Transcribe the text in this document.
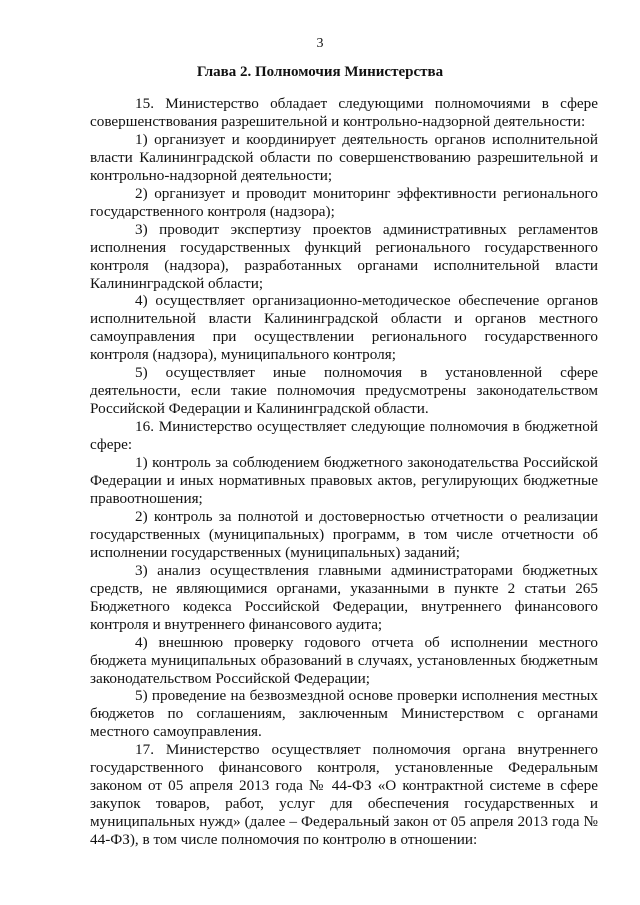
3
Глава 2. Полномочия Министерства

15. Министерство обладает следующими полномочиями в сфере совершенствования разрешительной и контрольно-надзорной деятельности:

1) организует и координирует деятельность органов исполнительной власти Калининградской области по совершенствованию разрешительной и контрольно-надзорной деятельности;

2) организует и проводит мониторинг эффективности регионального государственного контроля (надзора);

3) проводит экспертизу проектов административных регламентов исполнения государственных функций регионального государственного контроля (надзора), разработанных органами исполнительной власти Калининградской области;

4) осуществляет организационно-методическое обеспечение органов исполнительной власти Калининградской области и органов местного самоуправления при осуществлении регионального государственного контроля (надзора), муниципального контроля;

5) осуществляет иные полномочия в установленной сфере деятельности, если такие полномочия предусмотрены законодательством Российской Федерации и Калининградской области.

16. Министерство осуществляет следующие полномочия в бюджетной сфере:

1) контроль за соблюдением бюджетного законодательства Российской Федерации и иных нормативных правовых актов, регулирующих бюджетные правоотношения;

2) контроль за полнотой и достоверностью отчетности о реализации государственных (муниципальных) программ, в том числе отчетности об исполнении государственных (муниципальных) заданий;

3) анализ осуществления главными администраторами бюджетных средств, не являющимися органами, указанными в пункте 2 статьи 265 Бюджетного кодекса Российской Федерации, внутреннего финансового контроля и внутреннего финансового аудита;

4) внешнюю проверку годового отчета об исполнении местного бюджета муниципальных образований в случаях, установленных бюджетным законодательством Российской Федерации;

5) проведение на безвозмездной основе проверки исполнения местных бюджетов по соглашениям, заключенным Министерством с органами местного самоуправления.

17. Министерство осуществляет полномочия органа внутреннего государственного финансового контроля, установленные Федеральным законом от 05 апреля 2013 года № 44-ФЗ «О контрактной системе в сфере закупок товаров, работ, услуг для обеспечения государственных и муниципальных нужд» (далее – Федеральный закон от 05 апреля 2013 года № 44-ФЗ), в том числе полномочия по контролю в отношении:
